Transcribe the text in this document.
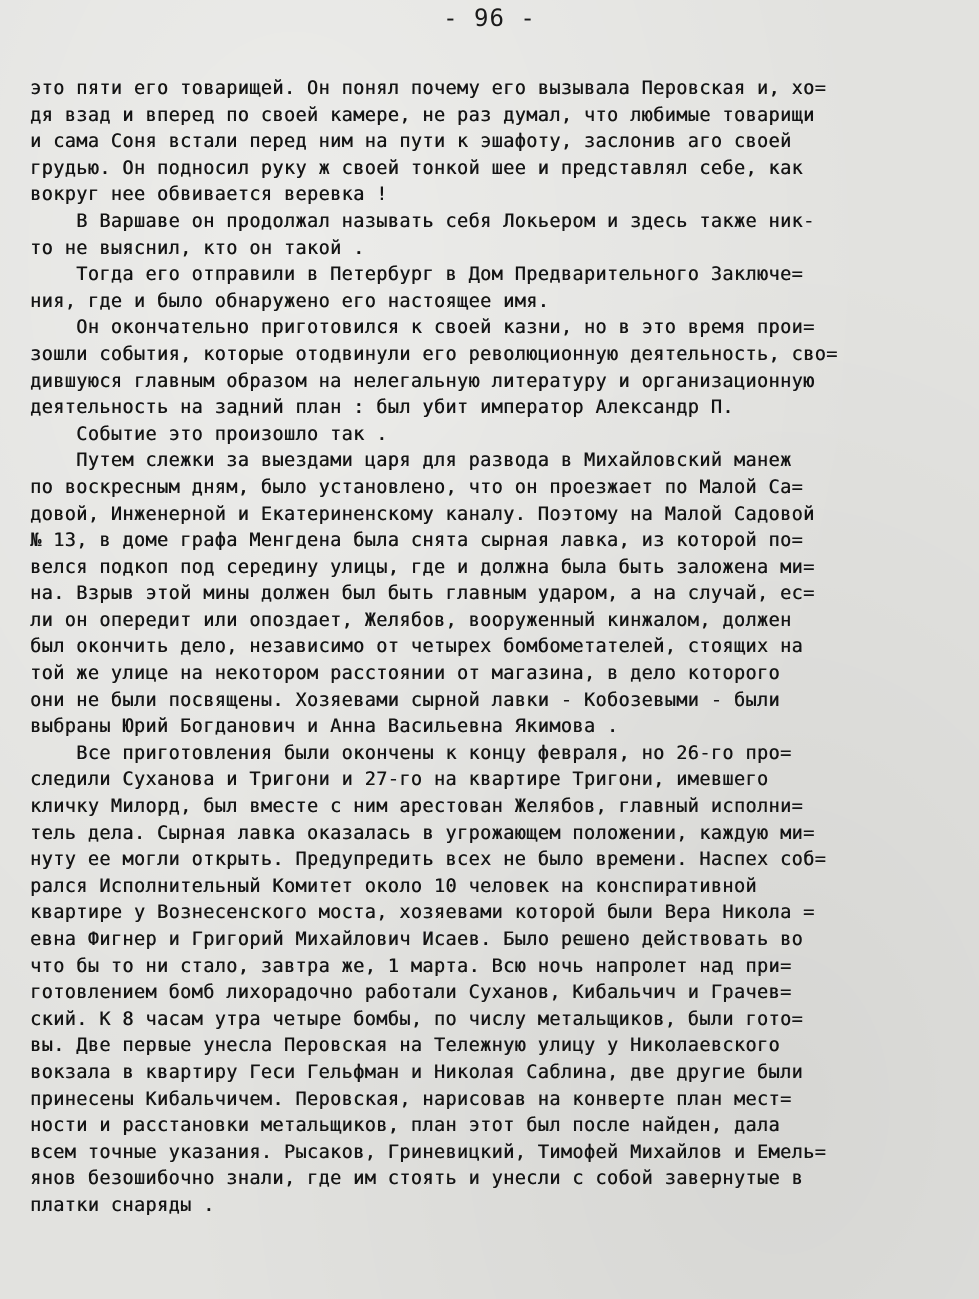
- 96 -
это пяти его товарищей. Он понял почему его вызывала Перовская и, хо=
дя взад и вперед по своей камере, не раз думал, что любимые товарищи
и сама Соня встали перед ним на пути к эшафоту, заслонив аго своей
грудью. Он подносил руку ж своей тонкой шее и представлял себе, как
вокруг нее обвивается веревка !
В Варшаве он продолжал называть себя Локьером и здесь также ник-
то не выяснил, кто он такой .
Тогда его отправили в Петербург в Дом Предварительного Заключе=
ния, где и было обнаружено его настоящее имя.
Он окончательно приготовился к своей казни, но в это время прои=
зошли события, которые отодвинули его революционную деятельность, сво=
дившуюся главным образом на нелегальную литературу и организационную
деятельность на задний план : был убит император Александр П.
Событие это произошло так .
Путем слежки за выездами царя для развода в Михайловский манеж
по воскресным дням, было установлено, что он проезжает по Малой Са=
довой, Инженерной и Екатериненскому каналу. Поэтому на Малой Садовой
№ 13, в доме графа Менгдена была снята сырная лавка, из которой по=
велся подкоп под середину улицы, где и должна была быть заложена ми=
на. Взрыв этой мины должен был быть главным ударом, а на случай, ес=
ли он опередит или опоздает, Желябов, вооруженный кинжалом, должен
был окончить дело, независимо от четырех бомбометателей, стоящих на
той же улице на некотором расстоянии от магазина, в дело которого
они не были посвящены. Хозяевами сырной лавки - Кобозевыми - были
выбраны Юрий Богданович и Анна Васильевна Якимова .
Все приготовления были окончены к концу февраля, но 26-го про=
следили Суханова и Тригони и 27-го на квартире Тригони, имевшего
кличку Милорд, был вместе с ним арестован Желябов, главный исполни=
тель дела. Сырная лавка оказалась в угрожающем положении, каждую ми=
нуту ее могли открыть. Предупредить всех не было времени. Наспех соб=
рался Исполнительный Комитет около 10 человек на конспиративной
квартире у Вознесенского моста, хозяевами которой были Вера Никола =
евна Фигнер и Григорий Михайлович Исаев. Было решено действовать во
что бы то ни стало, завтра же, 1 марта. Всю ночь напролет над при=
готовлением бомб лихорадочно работали Суханов, Кибальчич и Грачев=
ский. К 8 часам утра четыре бомбы, по числу метальщиков, были гото=
вы. Две первые унесла Перовская на Тележную улицу у Николаевского
вокзала в квартиру Геси Гельфман и Николая Саблина, две другие были
принесены Кибальчичем. Перовская, нарисовав на конверте план мест=
ности и расстановки метальщиков, план этот был после найден, дала
всем точные указания. Рысаков, Гриневицкий, Тимофей Михайлов и Емель=
янов безошибочно знали, где им стоять и унесли с собой завернутые в
платки снаряды .
